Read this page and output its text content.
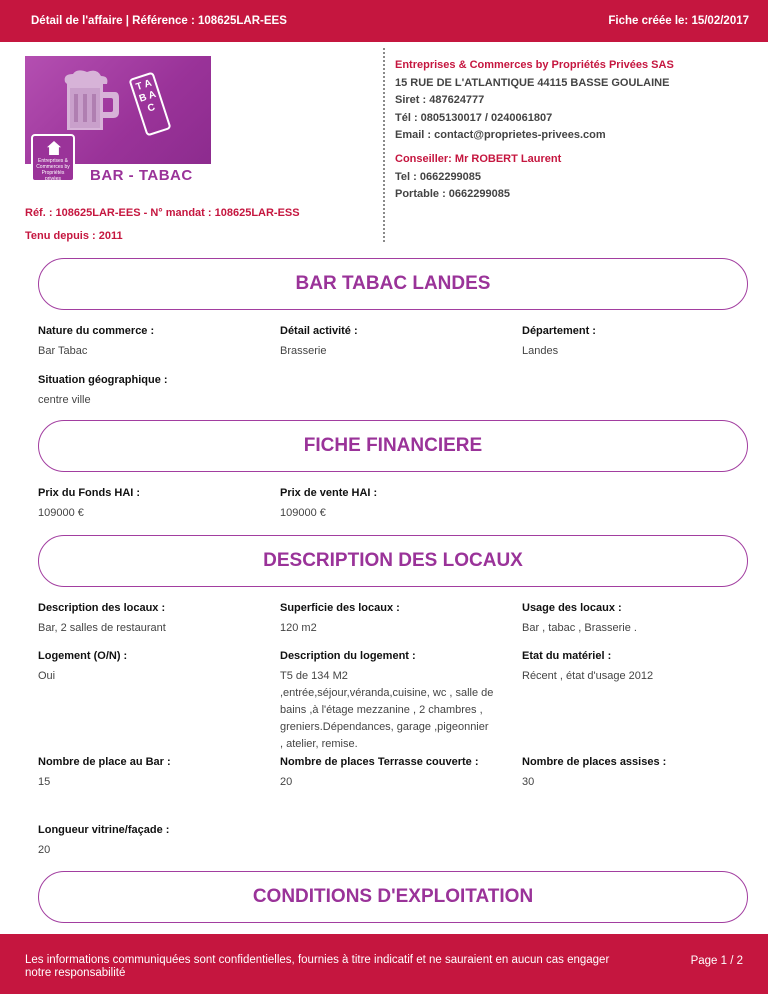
Détail de l'affaire | Référence : 108625LAR-EES	Fiche créée le: 15/02/2017
T A B A C
Entreprises & Commerces by Propriétés privées	BAR - TABAC
Entreprises & Commerces by Propriétés Privées SAS
15 RUE DE L'ATLANTIQUE 44115 BASSE GOULAINE
Siret : 487624777
Tél : 0805130017 / 0240061807
Email : contact@proprietes-privees.com
Conseiller: Mr ROBERT Laurent
Tel : 0662299085
Portable : 0662299085
Réf. : 108625LAR-EES - N° mandat : 108625LAR-ESS
Tenu depuis : 2011
BAR TABAC LANDES
Nature du commerce :
Bar Tabac
Détail activité :
Brasserie
Département :
Landes
Situation géographique :
centre ville
FICHE FINANCIERE
Prix du Fonds HAI :
109000 €
Prix de vente HAI :
109000 €
DESCRIPTION DES LOCAUX
Description des locaux :
Bar, 2 salles de restaurant
Superficie des locaux :
120 m2
Usage des locaux :
Bar , tabac , Brasserie .
Logement (O/N) :
Oui
Description du logement :
T5 de 134 M2
,entrée,séjour,véranda,cuisine, wc , salle de
bains ,à l'étage mezzanine , 2 chambres ,
greniers.Dépendances, garage ,pigeonnier
, atelier, remise.
Etat du matériel :
Récent , état d'usage 2012
Nombre de place au Bar :
15
Nombre de places Terrasse couverte :
20
Nombre de places assises :
30
Longueur vitrine/façade :
20
CONDITIONS D'EXPLOITATION
Les informations communiquées sont confidentielles, fournies à titre indicatif et ne sauraient en aucun cas engager notre responsabilité
Page 1 / 2
